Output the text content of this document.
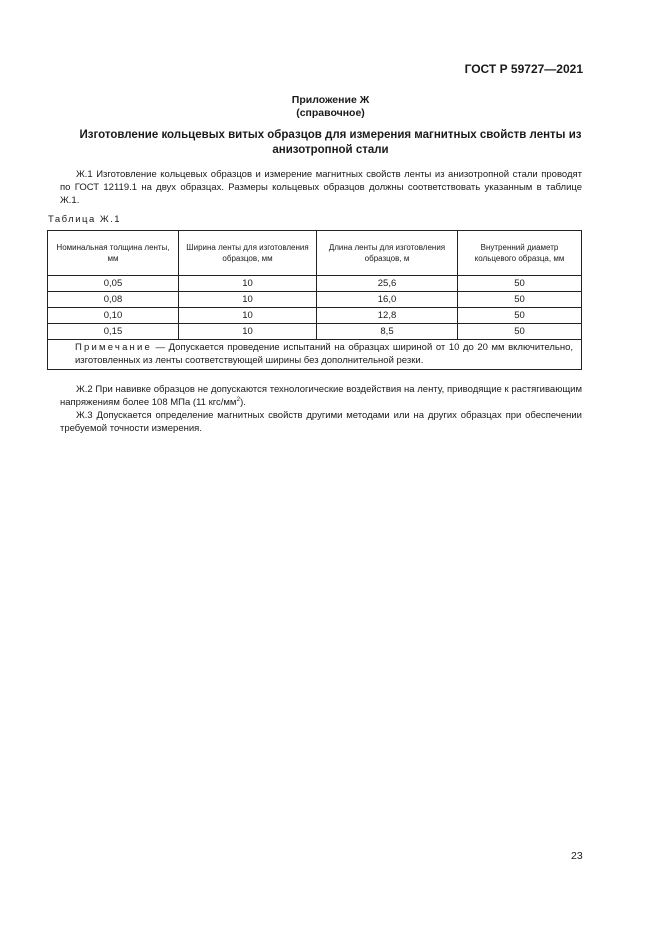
ГОСТ Р 59727—2021
Приложение Ж
(справочное)
Изготовление кольцевых витых образцов для измерения магнитных свойств ленты из
анизотропной стали
Ж.1 Изготовление кольцевых образцов и измерение магнитных свойств ленты из анизотропной стали проводят по ГОСТ 12119.1 на двух образцах. Размеры кольцевых образцов должны соответствовать указанным в таблице Ж.1.
Таблица Ж.1
Номинальная толщина ленты, мм	Ширина ленты для изготовления образцов, мм	Длина ленты для изготовления образцов, м	Внутренний диаметр кольцевого образца, мм
0,05	10	25,6	50
0,08	10	16,0	50
0,10	10	12,8	50
0,15	10	8,5	50
Примечание — Допускается проведение испытаний на образцах шириной от 10 до 20 мм включительно, изготовленных из ленты соответствующей ширины без дополнительной резки.			
Ж.2 При навивке образцов не допускаются технологические воздействия на ленту, приводящие к растягивающим напряжениям более 108 МПа (11 кгс/$мм^2$).
Ж.3 Допускается определение магнитных свойств другими методами или на других образцах при обеспечении требуемой точности измерения.
23
